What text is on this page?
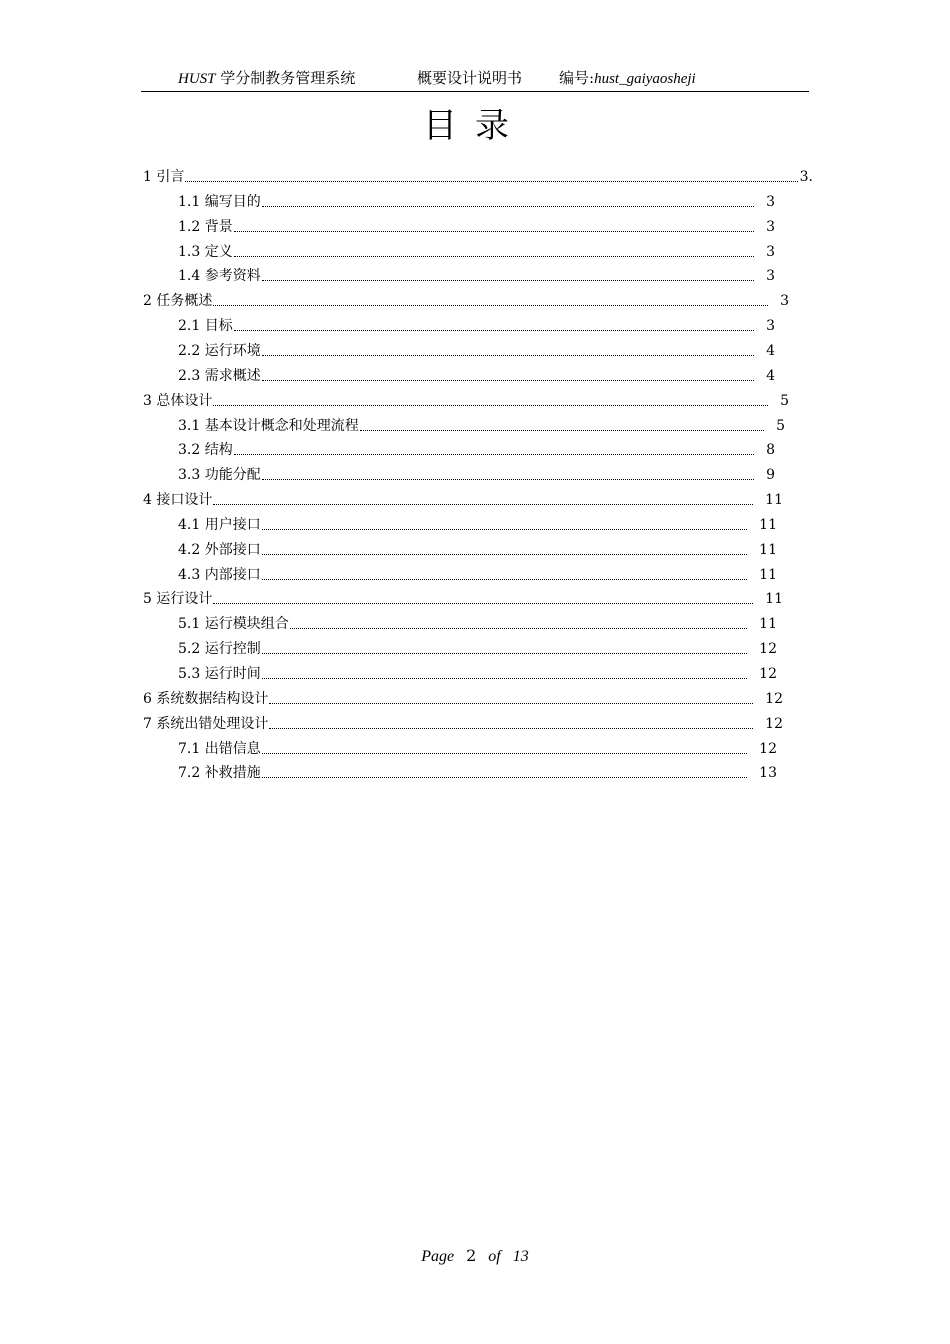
HUST 学分制教务管理系统	概要设计说明书 编号:hust_gaiyaosheji
目录
1 引言	3.
1.1 编写目的	3
1.2 背景	3
1.3 定义	3
1.4 参考资料	3
2 任务概述	3
2.1 目标	3
2.2 运行环境	4
2.3 需求概述	4
3 总体设计	5
3.1 基本设计概念和处理流程	5
3.2 结构	8
3.3 功能分配	9
4 接口设计	11
4.1 用户接口	11
4.2 外部接口	11
4.3 内部接口	11
5 运行设计	11
5.1 运行模块组合	11
5.2 运行控制	12
5.3 运行时间	12
6 系统数据结构设计	12
7 系统出错处理设计	12
7.1 出错信息	12
7.2 补救措施	13
Page 2 of 13
